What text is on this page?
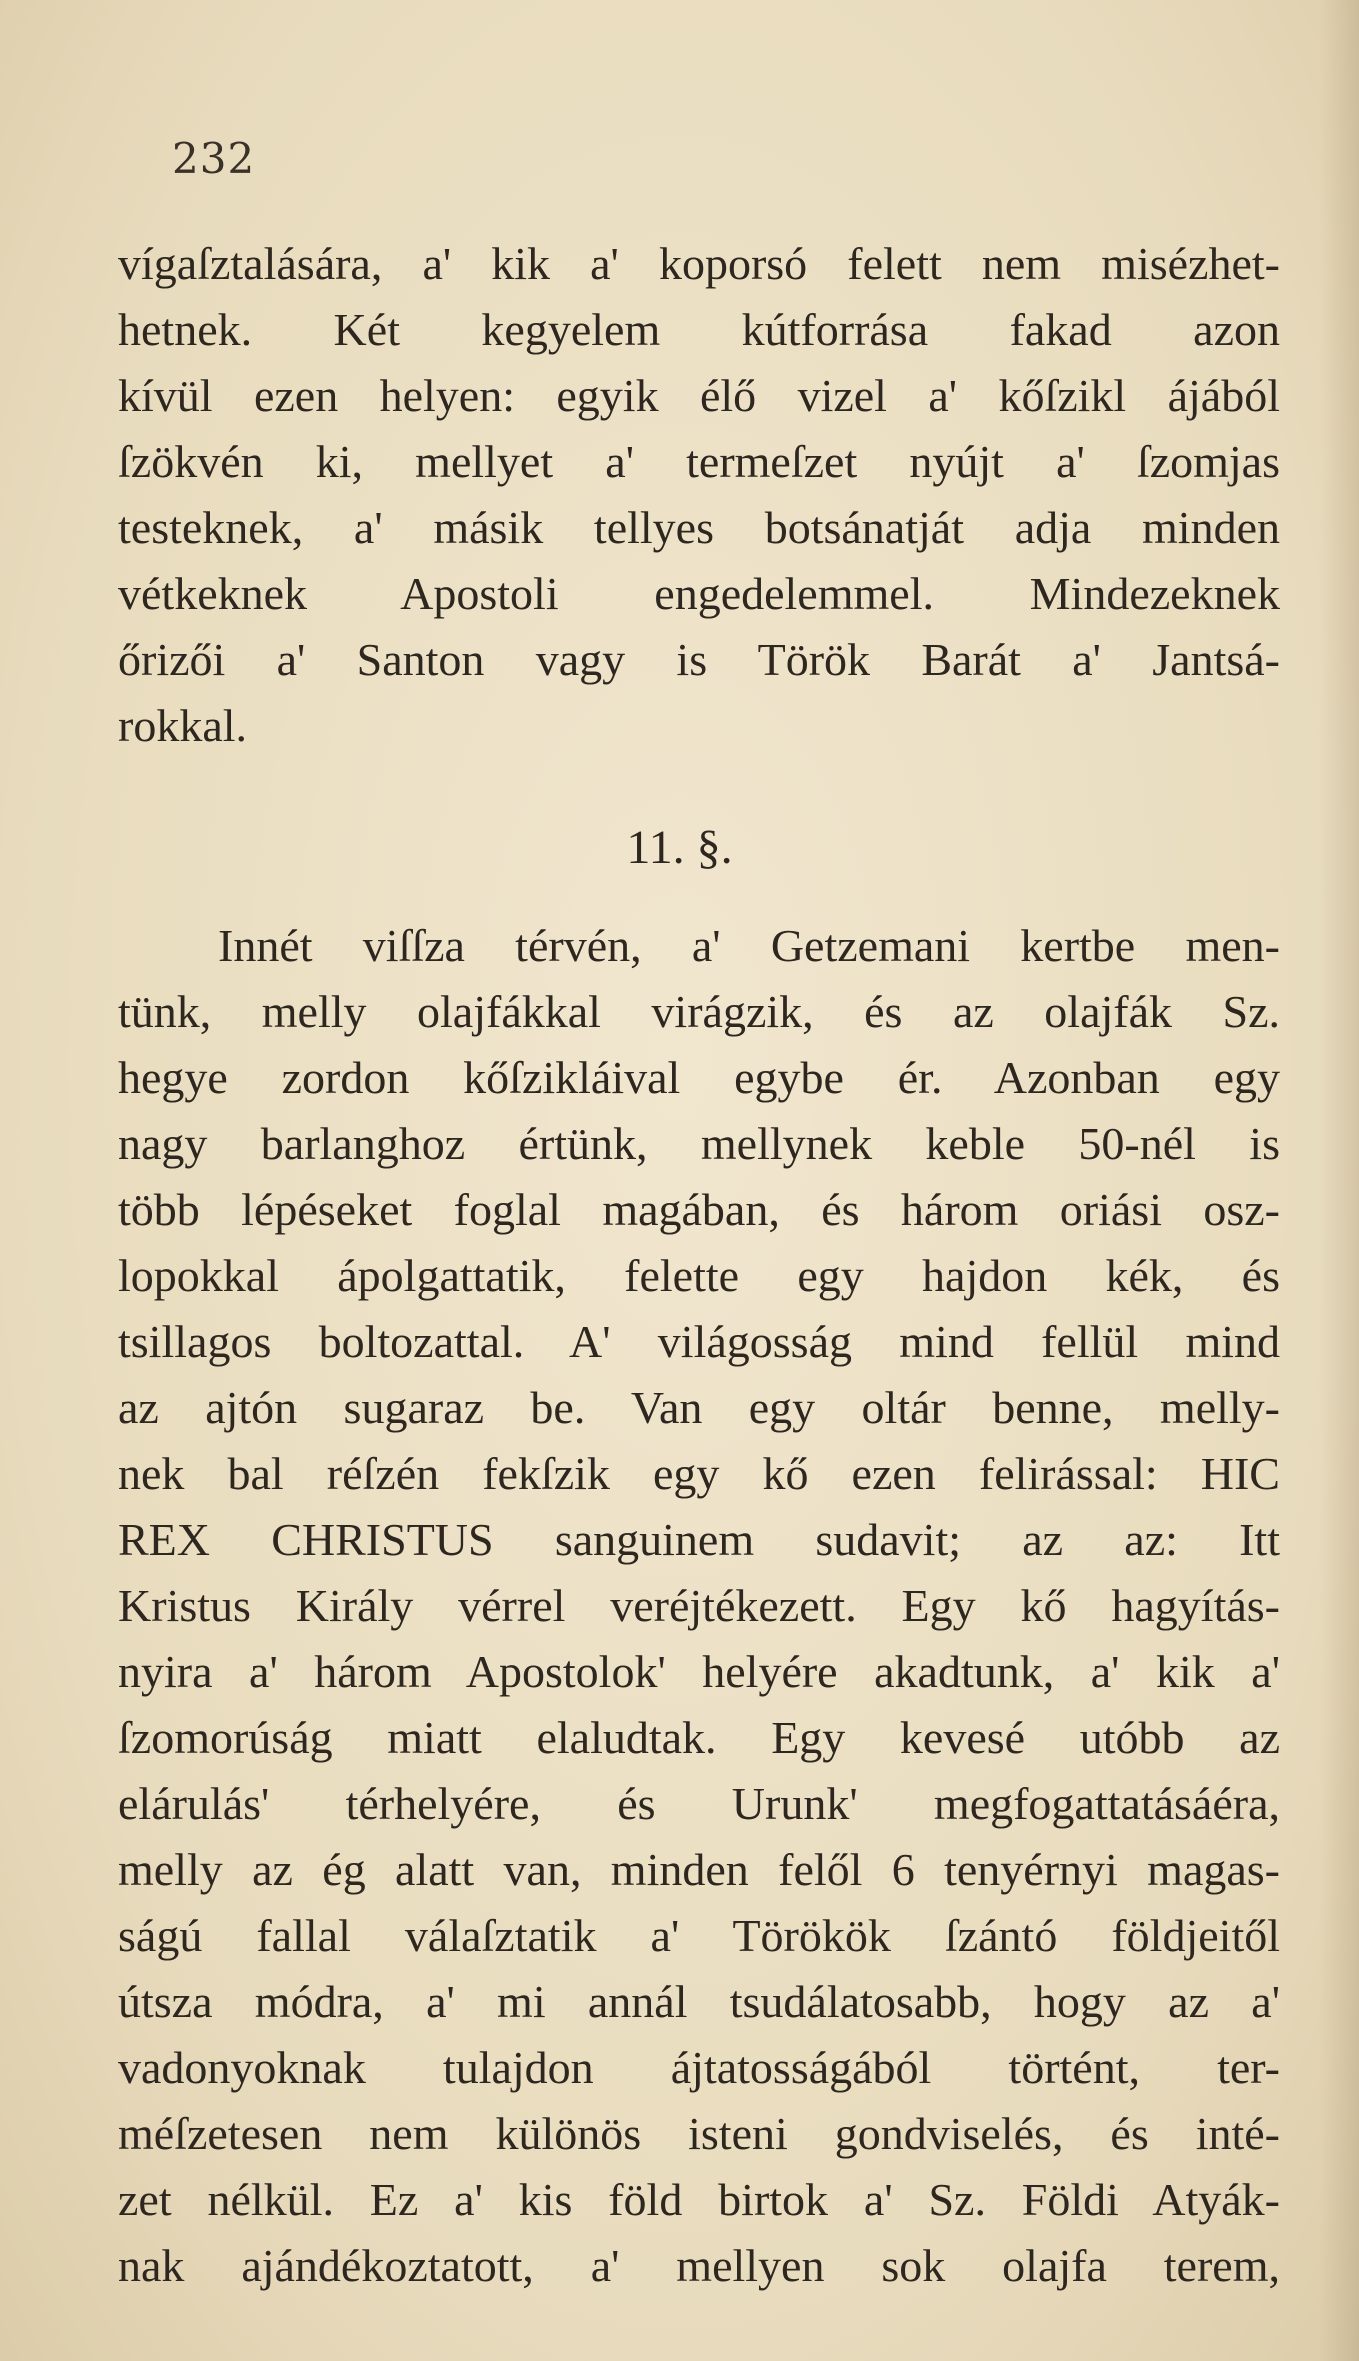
232
vígaſztalására, a' kik a' koporsó felett nem misézhet-
hetnek. Két kegyelem kútforrása fakad azon
kívül ezen helyen: egyik élő vizel a' kőſzikl ájából
ſzökvén ki, mellyet a' termeſzet nyújt a' ſzomjas
testeknek, a' másik tellyes botsánatját adja minden
vétkeknek Apostoli engedelemmel. Mindezeknek
őrizői a' Santon vagy is Török Barát a' Jantsá-
rokkal.
11. §.
Innét viſſza térvén, a' Getzemani kertbe men-
tünk, melly olajfákkal virágzik, és az olajfák Sz.
hegye zordon kőſzikláival egybe ér. Azonban egy
nagy barlanghoz értünk, mellynek keble 50-nél is
több lépéseket foglal magában, és három oriási osz-
lopokkal ápolgattatik, felette egy hajdon kék, és
tsillagos boltozattal. A' világosság mind fellül mind
az ajtón sugaraz be. Van egy oltár benne, melly-
nek bal réſzén fekſzik egy kő ezen felirással: HIC
REX CHRISTUS sanguinem sudavit; az az: Itt
Kristus Király vérrel veréjtékezett. Egy kő hagyítás-
nyira a' három Apostolok' helyére akadtunk, a' kik a'
ſzomorúság miatt elaludtak. Egy kevesé utóbb az
elárulás' térhelyére, és Urunk' megfogattatásáéra,
melly az ég alatt van, minden felől 6 tenyérnyi magas-
ságú fallal válaſztatik a' Törökök ſzántó földjeitől
útsza módra, a' mi annál tsudálatosabb, hogy az a'
vadonyoknak tulajdon ájtatosságából történt, ter-
méſzetesen nem különös isteni gondviselés, és inté-
zet nélkül. Ez a' kis föld birtok a' Sz. Földi Atyák-
nak ajándékoztatott, a' mellyen sok olajfa terem,
